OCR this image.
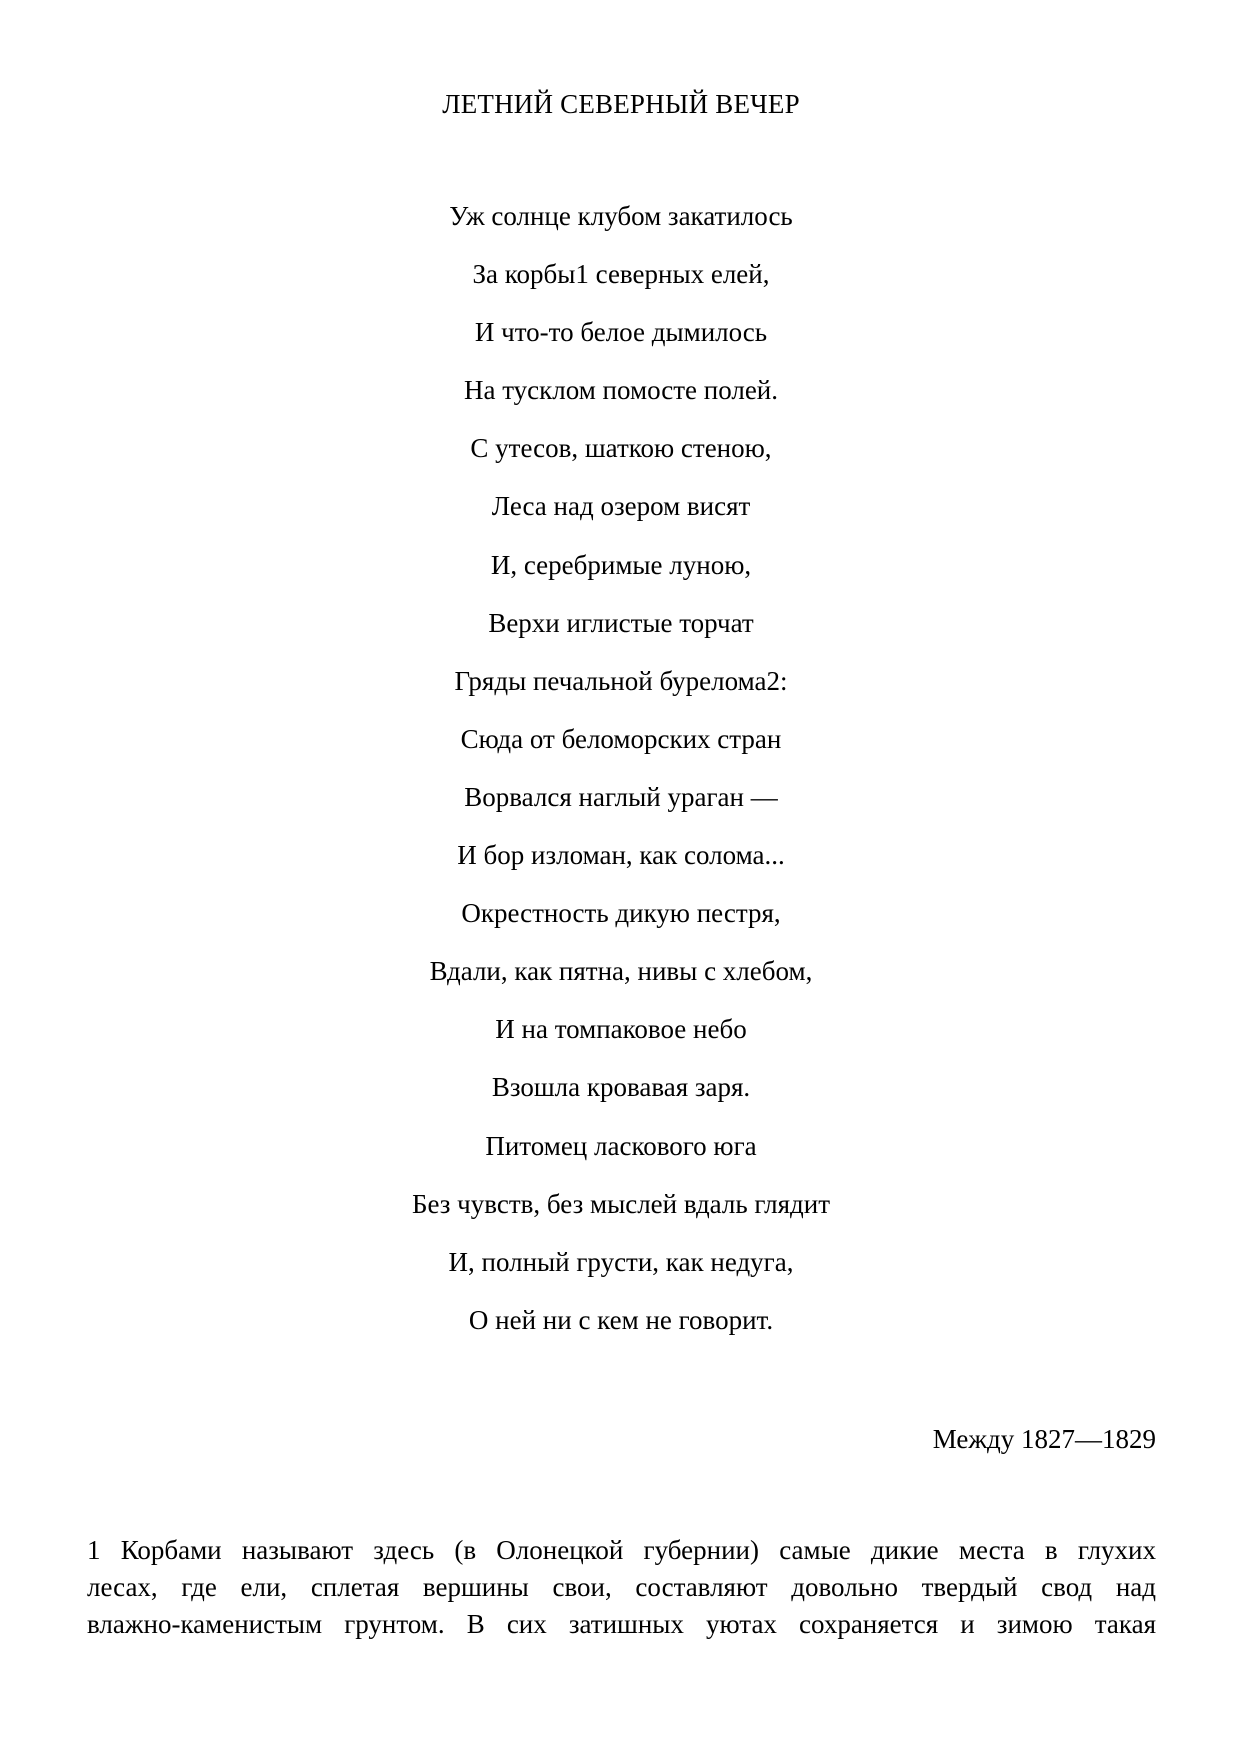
ЛЕТНИЙ СЕВЕРНЫЙ ВЕЧЕР
Уж солнце клубом закатилось
За корбы1 северных елей,
И что-то белое дымилось
На тусклом помосте полей.
С утесов, шаткою стеною,
Леса над озером висят
И, серебримые луною,
Верхи иглистые торчат
Гряды печальной бурелома2:
Сюда от беломорских стран
Ворвался наглый ураган —
И бор изломан, как солома...
Окрестность дикую пестря,
Вдали, как пятна, нивы с хлебом,
И на томпаковое небо
Взошла кровавая заря.
Питомец ласкового юга
Без чувств, без мыслей вдаль глядит
И, полный грусти, как недуга,
О ней ни с кем не говорит.
Между 1827—1829
1 Корбами называют здесь (в Олонецкой губернии) самые дикие места в глухих
лесах, где ели, сплетая вершины свои, составляют довольно твердый свод над
влажно-каменистым грунтом. В сих затишных уютах сохраняется и зимою такая
